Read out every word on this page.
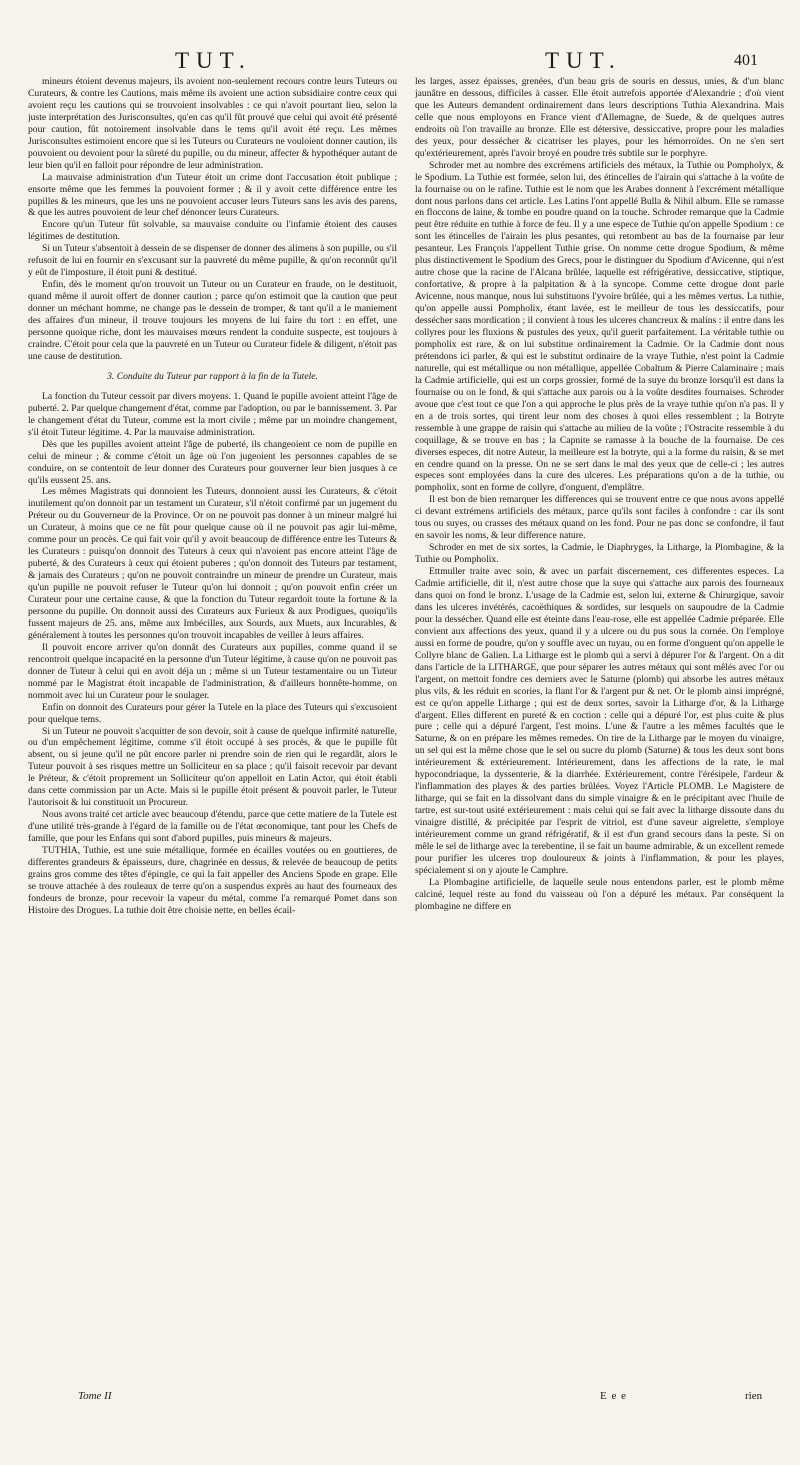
TUT.	TUT.	401

mineurs étoient devenus majeurs, ils avoient non-seulement recours contre leurs Tuteurs ou Curateurs, & contre les Cautions, mais même ils avoient une action subsidiaire contre ceux qui avoient reçu les cautions qui se trouvoient insolvables : ce qui n'avoit pourtant lieu, selon la juste interprétation des Jurisconsultes, qu'en cas qu'il fût prouvé que celui qui avoit été présenté pour caution, fût notoirement insolvable dans le tems qu'il avoit été reçu. Les mêmes Jurisconsultes estimoient encore que si les Tuteurs ou Curateurs ne vouloient donner caution, ils pouvoient ou devoient pour la sûreté du pupille, ou du mineur, affecter & hypothéquer autant de leur bien qu'il en falloit pour répondre de leur administration.

La mauvaise administration d'un Tuteur étoit un crime dont l'accusation étoit publique ; ensorte même que les femmes la pouvoient former ; & il y avoit cette différence entre les pupilles & les mineurs, que les uns ne pouvoient accuser leurs Tuteurs sans les avis des parens, & que les autres pouvoient de leur chef dénoncer leurs Curateurs.

Encore qu'un Tuteur fût solvable, sa mauvaise conduite ou l'infamie étoient des causes légitimes de destitution.

Si un Tuteur s'absentoit à dessein de se dispenser de donner des alimens à son pupille, ou s'il refusoit de lui en fournir en s'excusant sur la pauvreté du même pupille, & qu'on reconnût qu'il y eût de l'imposture, il étoit puni & destitué.

Enfin, dès le moment qu'on trouvoit un Tuteur ou un Curateur en fraude, on le destituoit, quand même il auroit offert de donner caution ; parce qu'on estimoit que la caution que peut donner un méchant homme, ne change pas le dessein de tromper, & tant qu'il a le maniement des affaires d'un mineur, il trouve toujours les moyens de lui faire du tort : en effet, une personne quoique riche, dont les mauvaises mœurs rendent la conduite suspecte, est toujours à craindre. C'étoit pour cela que la pauvreté en un Tuteur ou Curateur fidele & diligent, n'étoit pas une cause de destitution.

3. Conduite du Tuteur par rapport à la fin de la Tutele.

La fonction du Tuteur cessoit par divers moyens. 1. Quand le pupille avoient atteint l'âge de puberté. 2. Par quelque changement d'état, comme par l'adoption, ou par le bannissement. 3. Par le changement d'état du Tuteur, comme est la mort civile ; même par un moindre changement, s'il étoit Tuteur légitime. 4. Par la mauvaise administration.

Dès que les pupilles avoient atteint l'âge de puberté, ils changeoient ce nom de pupille en celui de mineur ; & comme c'étoit un âge où l'on jugeoient les personnes capables de se conduire, on se contentoit de leur donner des Curateurs pour gouverner leur bien jusques à ce qu'ils eussent 25. ans.

Les mêmes Magistrats qui donnoient les Tuteurs, donnoient aussi les Curateurs, & c'étoit inutilement qu'on donnoit par un testament un Curateur, s'il n'étoit confirmé par un jugement du Préteur ou du Gouverneur de la Province. Or on ne pouvoit pas donner à un mineur malgré lui un Curateur, à moins que ce ne fût pour quelque cause où il ne pouvoit pas agir lui-même, comme pour un procès. Ce qui fait voir qu'il y avoit beaucoup de différence entre les Tuteurs & les Curateurs : puisqu'on donnoit des Tuteurs à ceux qui n'avoient pas encore atteint l'âge de puberté, & des Curateurs à ceux qui étoient puberes ; qu'on donnoit des Tuteurs par testament, & jamais des Curateurs ; qu'on ne pouvoit contraindre un mineur de prendre un Curateur, mais qu'un pupille ne pouvoit refuser le Tuteur qu'on lui donnoit ; qu'on pouvoit enfin créer un Curateur pour une certaine cause, & que la fonction du Tuteur regardoit toute la fortune & la personne du pupille. On donnoit aussi des Curateurs aux Furieux & aux Prodigues, quoiqu'ils fussent majeurs de 25. ans, même aux Imbécilles, aux Sourds, aux Muets, aux Incurables, & généralement à toutes les personnes qu'on trouvoit incapables de veiller à leurs affaires.

Il pouvoit encore arriver qu'on donnât des Curateurs aux pupilles, comme quand il se rencontroit quelque incapacité en la personne d'un Tuteur légitime, à cause qu'on ne pouvoit pas donner de Tuteur à celui qui en avoit déja un ; même si un Tuteur testamentaire ou un Tuteur nommé par le Magistrat étoit incapable de l'administration, & d'ailleurs honnête-homme, on nommoit avec lui un Curateur pour le soulager.

Enfin on donnoit des Curateurs pour gérer la Tutele en la place des Tuteurs qui s'excusoient pour quelque tems.

Si un Tuteur ne pouvoit s'acquitter de son devoir, soit à cause de quelque infirmité naturelle, ou d'un empêchement légitime, comme s'il étoit occupé à ses procès, & que le pupille fût absent, ou si jeune qu'il ne pût encore parler ni prendre soin de rien qui le regardât, alors le Tuteur pouvoit à ses risques mettre un Solliciteur en sa place ; qu'il faisoit recevoir par devant le Préteur, & c'étoit proprement un Solliciteur qu'on appelloit en Latin Actor, qui étoit établi dans cette commission par un Acte. Mais si le pupille étoit présent & pouvoit parler, le Tuteur l'autorisoit & lui constituoit un Procureur.

Nous avons traité cet article avec beaucoup d'étendu, parce que cette matiere de la Tutele est d'une utilité très-grande à l'égard de la famille ou de l'état œconomique, tant pour les Chefs de famille, que pour les Enfans qui sont d'abord pupilles, puis mineurs & majeurs.

TUTHIA, Tuthie, est une suie métallique, formée en écailles voutées ou en gouttieres, de differentes grandeurs & épaisseurs, dure, chagrinée en dessus, & relevée de beaucoup de petits grains gros comme des têtes d'épingle, ce qui la fait appeller des Anciens Spode en grape. Elle se trouve attachée à des rouleaux de terre qu'on a suspendus exprès au haut des fourneaux des fondeurs de bronze, pour recevoir la vapeur du métal, comme l'a remarqué Pomet dans son Histoire des Drogues. La tuthie doit être choisie nette, en belles écail-

les larges, assez épaisses, grenées, d'un beau gris de souris en dessus, unies, & d'un blanc jaunâtre en dessous, difficiles à casser. Elle étoit autrefois apportée d'Alexandrie ; d'où vient que les Auteurs demandent ordinairement dans leurs descriptions Tuthia Alexandrina. Mais celle que nous employons en France vient d'Allemagne, de Suede, & de quelques autres endroits où l'on travaille au bronze. Elle est détersive, dessiccative, propre pour les maladies des yeux, pour dessécher & cicatriser les playes, pour les hémorroïdes. On ne s'en sert qu'extérieurement, après l'avoir broyé en poudre très subtile sur le porphyre.

Schroder met au nombre des excrémens artificiels des métaux, la Tuthie ou Pompholyx, & le Spodium. La Tuthie est formée, selon lui, des étincelles de l'airain qui s'attache à la voûte de la fournaise ou on le rafine. Tuthie est le nom que les Arabes donnent à l'excrément métallique dont nous parlons dans cet article. Les Latins l'ont appellé Bulla & Nihil album. Elle se ramasse en floccons de laine, & tombe en poudre quand on la touche. Schroder remarque que la Cadmie peut être réduite en tuthie à force de feu. Il y a une espece de Tuthie qu'on appelle Spodium : ce sont les étincelles de l'airain les plus pesantes, qui retombent au bas de la fournaise par leur pesanteur. Les François l'appellent Tuthie grise. On nomme cette drogue Spodium, & même plus distinctivement le Spodium des Grecs, pour le distinguer du Spodium d'Avicenne, qui n'est autre chose que la racine de l'Alcana brûlée, laquelle est réfrigérative, dessiccative, stiptique, confortative, & propre à la palpitation & à la syncope. Comme cette drogue dont parle Avicenne, nous manque, nous lui substituons l'yvoire brûlée, qui a les mêmes vertus. La tuthie, qu'on appelle aussi Pompholix, étant lavée, est le meilleur de tous les dessiccatifs, pour dessécher sans mordication ; il convient à tous les ulceres chancreux & malins : il entre dans les collyres pour les fluxions & pustules des yeux, qu'il guerit parfaitement. La véritable tuthie ou pompholix est rare, & on lui substitue ordinairement la Cadmie. Or la Cadmie dont nous prétendons ici parler, & qui est le substitut ordinaire de la vraye Tuthie, n'est point la Cadmie naturelle, qui est métallique ou non métallique, appellée Cobaltum & Pierre Calaminaire ; mais la Cadmie artificielle, qui est un corps grossier, formé de la suye du bronze lorsqu'il est dans la fournaise ou on le fond, & qui s'attache aux parois ou à la voûte desdites fournaises. Schroder avoue que c'est tout ce que l'on a qui approche le plus près de la vraye tuthie qu'on n'a pas. Il y en a de trois sortes, qui tirent leur nom des choses à quoi elles ressemblent ; la Botryte ressemble à une grappe de raisin qui s'attache au milieu de la voûte ; l'Ostracite ressemble à du coquillage, & se trouve en bas ; la Capnite se ramasse à la bouche de la fournaise. De ces diverses especes, dit notre Auteur, la meilleure est la botryte, qui a la forme du raisin, & se met en cendre quand on la presse. On ne se sert dans le mal des yeux que de celle-ci ; les autres especes sont employées dans la cure des ulceres. Les préparations qu'on a de la tuthie, ou pompholix, sont en forme de collyre, d'onguent, d'emplâtre.

Il est bon de bien remarquer les differences qui se trouvent entre ce que nous avons appellé ci devant extrémens artificiels des métaux, parce qu'ils sont faciles à confondre : car ils sont tous ou suyes, ou crasses des métaux quand on les fond. Pour ne pas donc se confondre, il faut en savoir les noms, & leur difference nature.

Schroder en met de six sortes, la Cadmie, le Diaphryges, la Litharge, la Plombagine, & la Tuthie ou Pompholix.

Ettmuller traite avec soin, & avec un parfait discernement, ces differentes especes. La Cadmie artificielle, dit il, n'est autre chose que la suye qui s'attache aux parois des fourneaux dans quoi on fond le bronz. L'usage de la Cadmie est, selon lui, externe & Chirurgique, savoir dans les ulceres invétérés, cacoëthiques & sordides, sur lesquels on saupoudre de la Cadmie pour la dessécher. Quand elle est éteinte dans l'eau-rose, elle est appellée Cadmie préparée. Elle convient aux affections des yeux, quand il y a ulcere ou du pus sous la cornée. On l'employe aussi en forme de poudre, qu'on y souffle avec un tuyau, ou en forme d'onguent qu'on appelle le Collyre blanc de Galien. La Litharge est le plomb qui a servi à dépurer l'or & l'argent. On a dit dans l'article de la LITHARGE, que pour séparer les autres métaux qui sont mêlés avec l'or ou l'argent, on mettoit fondre ces derniers avec le Saturne (plomb) qui absorbe les autres métaux plus vils, & les réduit en scories, la flant l'or & l'argent pur & net. Or le plomb ainsi imprégné, est ce qu'on appelle Litharge ; qui est de deux sortes, savoir la Litharge d'or, & la Litharge d'argent. Elles different en pureté & en coction : celle qui a dépuré l'or, est plus cuite & plus pure ; celle qui a dépuré l'argent, l'est moins. L'une & l'autre a les mêmes facultés que le Saturne, & on en prépare les mêmes remedes. On tire de la Litharge par le moyen du vinaigre, un sel qui est la même chose que le sel ou sucre du plomb (Saturne) & tous les deux sont bons intérieurement & extérieurement. Intérieurement, dans les affections de la rate, le mal hypocondriaque, la dyssenterie, & la diarrhée. Extérieurement, contre l'érésipele, l'ardeur & l'inflammation des playes & des parties brûlées. Voyez l'Article PLOMB. Le Magistere de litharge, qui se fait en la dissolvant dans du simple vinaigre & en le précipitant avec l'huile de tartre, est sur-tout usité extérieurement : mais celui qui se fait avec la litharge dissoute dans du vinaigre distillé, & précipitée par l'esprit de vitriol, est d'une saveur aigrelette, s'employe intérieurement comme un grand réfrigératif, & il est d'un grand secours dans la peste. Si on mêle le sel de litharge avec la terebentine, il se fait un baume admirable, & un excellent remede pour purifier les ulceres trop douloureux & joints à l'inflammation, & pour les playes, spécialement si on y ajoute le Camphre.

La Plombagine artificielle, de laquelle seule nous entendons parler, est le plomb même calciné, lequel reste au fond du vaisseau où l'on a dépuré les métaux. Par conséquent la plombagine ne differe en

Tome II	E e e	rien
